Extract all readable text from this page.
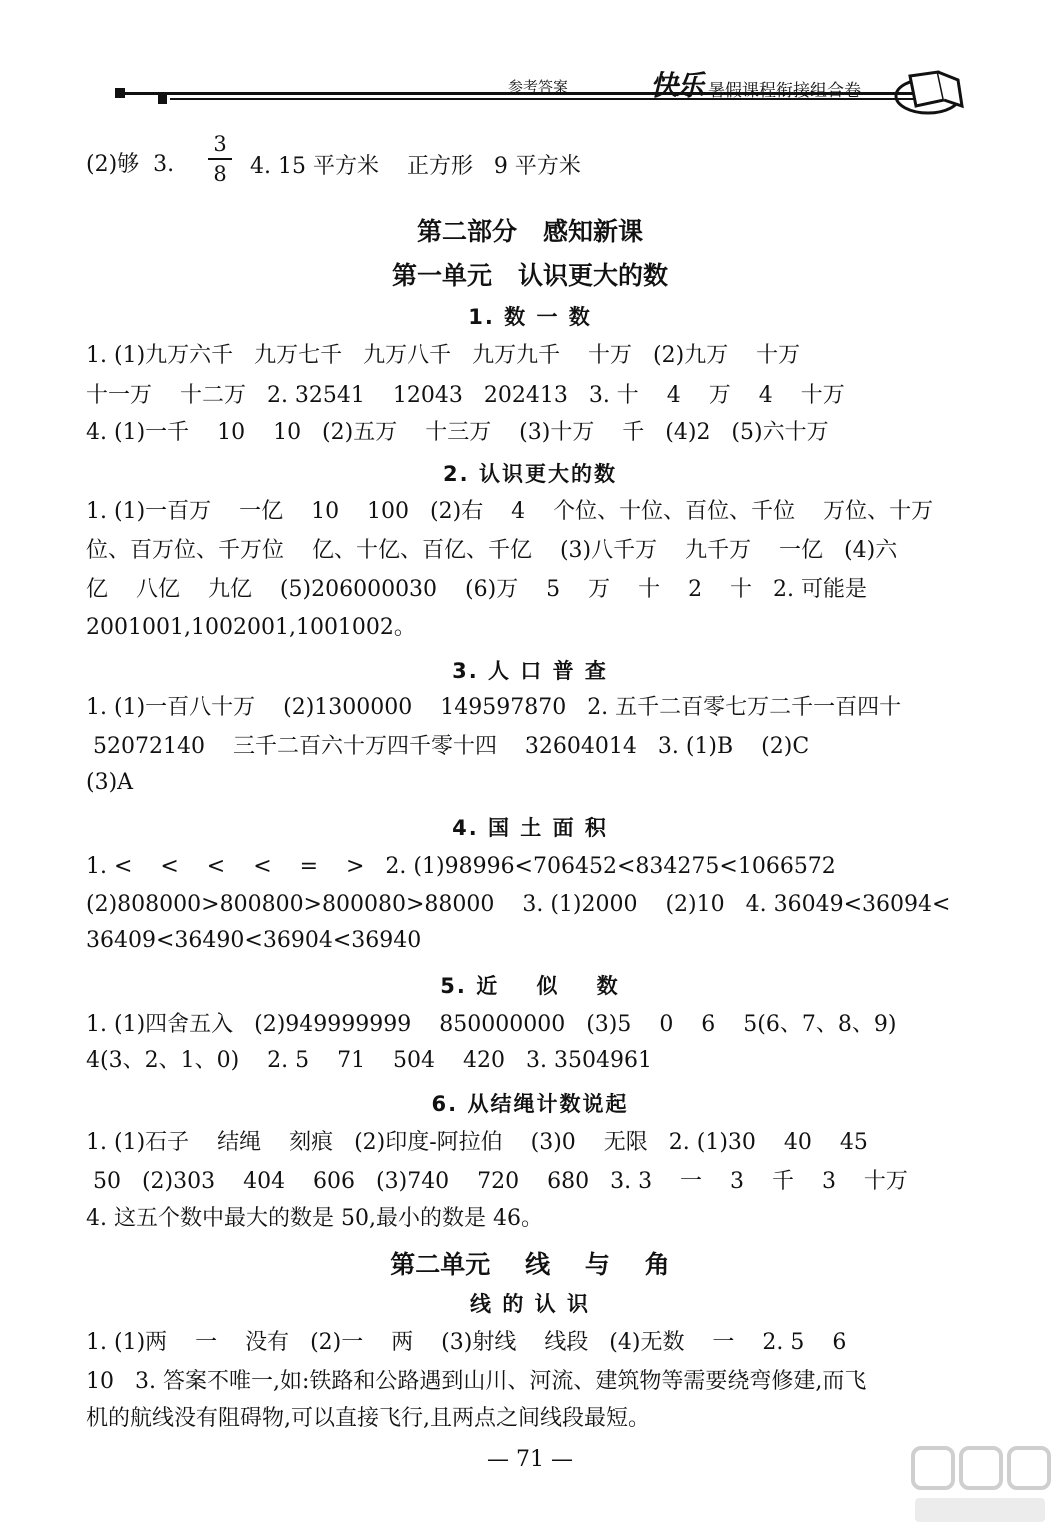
参考答案	快乐 暑假课程衔接组合卷
(2)够  3.
3
8 4. 15 平方米    正方形   9 平方米
第二部分   感知新课
第一单元   认识更大的数
1. 数 一 数
1. (1)九万六千   九万七千   九万八千   九万九千    十万   (2)九万    十万
十一万    十二万   2. 32541    12043   202413   3. 十    4    万    4    十万
4. (1)一千    10    10   (2)五万    十三万    (3)十万    千   (4)2   (5)六十万
2. 认识更大的数
1. (1)一百万    一亿    10    100   (2)右    4    个位、十位、百位、千位    万位、十万
位、百万位、千万位    亿、十亿、百亿、千亿    (3)八千万    九千万    一亿   (4)六
亿    八亿    九亿    (5)206000030    (6)万    5    万    十    2    十   2. 可能是
2001001,1002001,1001002。
3. 人 口 普 查
1. (1)一百八十万    (2)1300000    149597870   2. 五千二百零七万二千一百四十
52072140    三千二百六十万四千零十四    32604014   3. (1)B    (2)C
(3)A
4. 国 土 面 积
1. <    <    <    <    =    >   2. (1)98996<706452<834275<1066572
(2)808000>800800>800080>88000    3. (1)2000    (2)10   4. 36049<36094<
36409<36490<36904<36940
5. 近    似    数
1. (1)四舍五入   (2)949999999    850000000   (3)5    0    6    5(6、7、8、9)
4(3、2、1、0)    2. 5    71    504    420   3. 3504961
6. 从结绳计数说起
1. (1)石子    结绳    刻痕   (2)印度-阿拉伯    (3)0    无限   2. (1)30    40    45
50   (2)303    404    606   (3)740    720    680   3. 3    一    3    千    3    十万
4. 这五个数中最大的数是 50,最小的数是 46。
第二单元    线    与    角
线 的 认 识
1. (1)两    一    没有   (2)一    两    (3)射线    线段   (4)无数    一    2. 5    6
10   3. 答案不唯一,如:铁路和公路遇到山川、河流、建筑物等需要绕弯修建,而飞
机的航线没有阻碍物,可以直接飞行,且两点之间线段最短。
— 71 —
